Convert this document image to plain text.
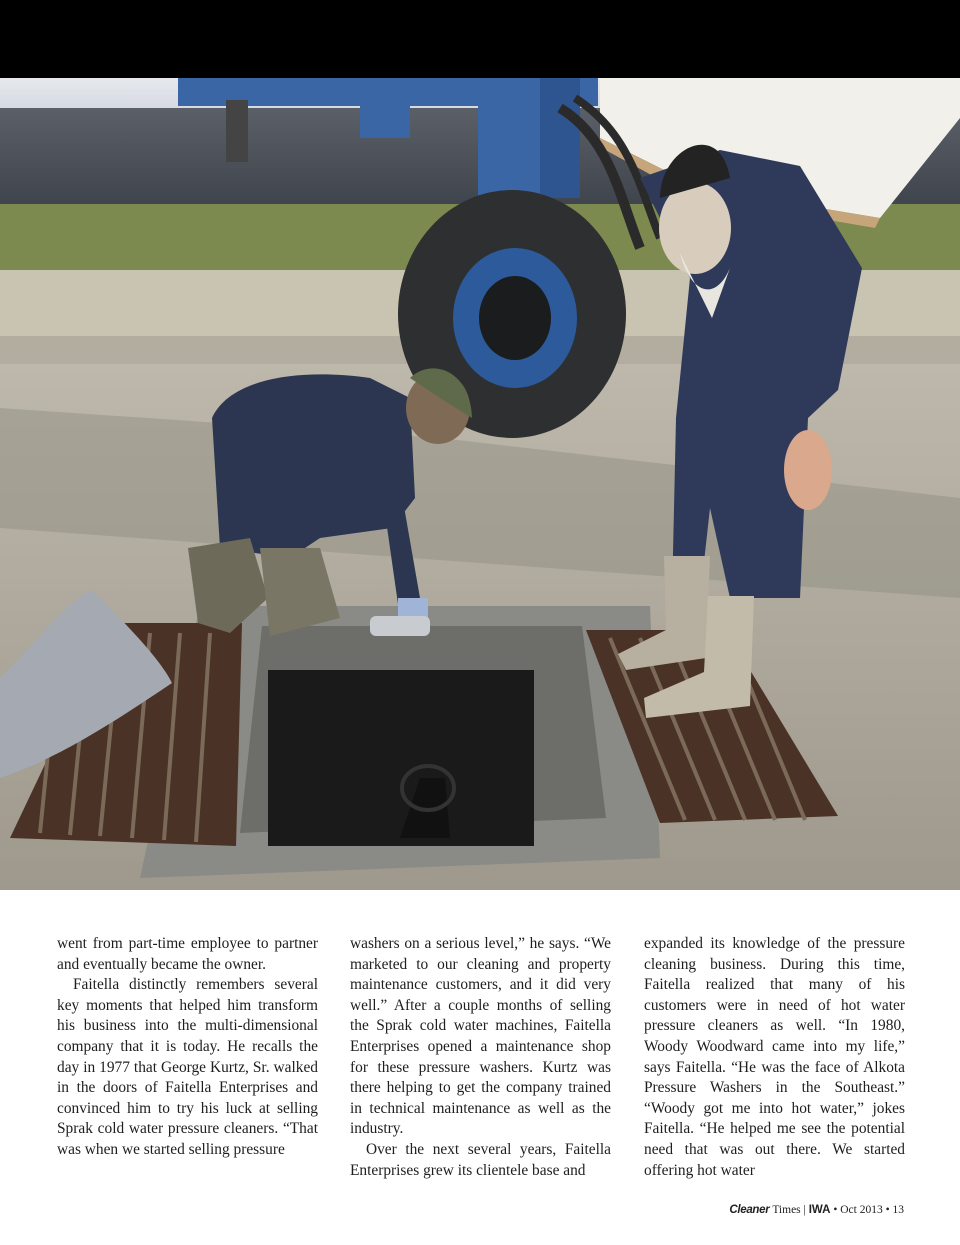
went from part-time employee to partner and eventually became the owner.

Faitella distinctly remembers several key moments that helped him transform his business into the multi-dimensional company that it is today. He recalls the day in 1977 that George Kurtz, Sr. walked in the doors of Faitella Enterprises and convinced him to try his luck at selling Sprak cold water pressure cleaners. “That was when we started selling pressure

washers on a serious level,” he says. “We marketed to our cleaning and property maintenance customers, and it did very well.” After a couple months of selling the Sprak cold water machines, Faitella Enterprises opened a maintenance shop for these pressure washers. Kurtz was there helping to get the company trained in technical maintenance as well as the industry.

Over the next several years, Faitella Enterprises grew its clientele base and

expanded its knowledge of the pressure cleaning business. During this time, Faitella realized that many of his customers were in need of hot water pressure cleaners as well. “In 1980, Woody Woodward came into my life,” says Faitella. “He was the face of Alkota Pressure Washers in the Southeast.” “Woody got me into hot water,” jokes Faitella. “He helped me see the potential need that was out there. We started offering hot water

Cleaner Times | IWA • Oct 2013 • 13
